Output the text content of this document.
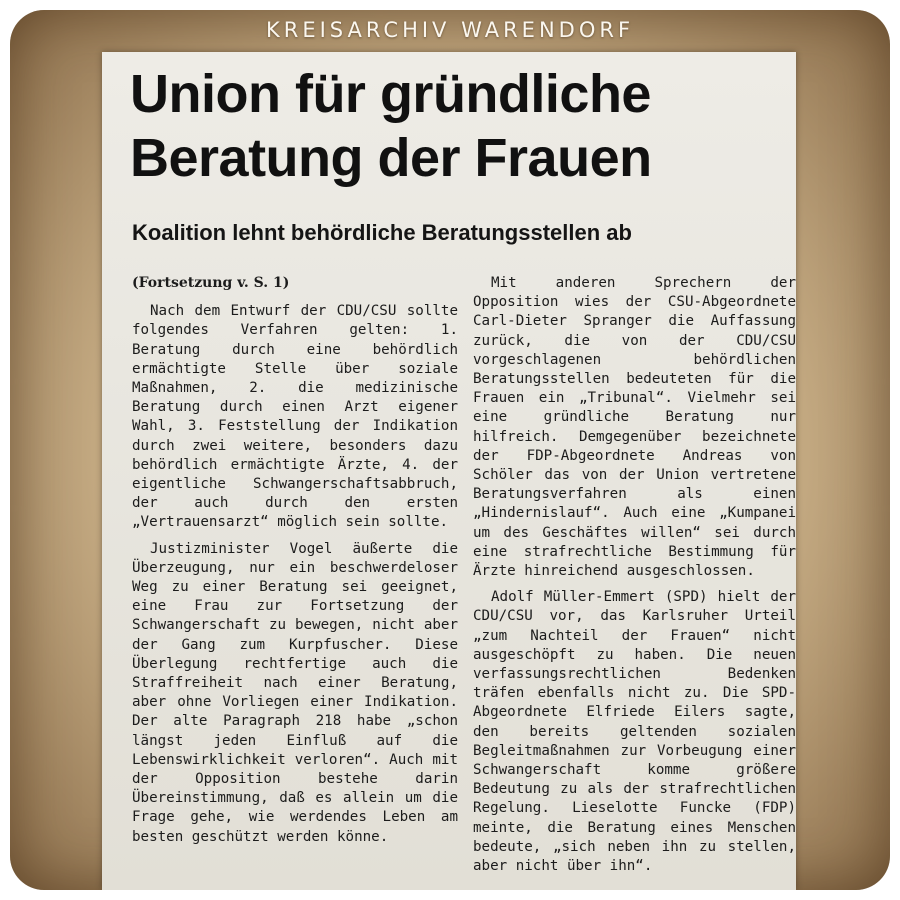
KREISARCHIV WARENDORF
Union für gründliche Beratung der Frauen
Koalition lehnt behördliche Beratungsstellen ab

(Fortsetzung v. S. 1)

Nach dem Entwurf der CDU/CSU sollte folgendes Verfahren gelten: 1. Beratung durch eine behördlich ermächtigte Stelle über soziale Maßnahmen, 2. die medizinische Beratung durch einen Arzt eigener Wahl, 3. Feststellung der Indikation durch zwei weitere, besonders dazu behördlich ermächtigte Ärzte, 4. der eigentliche Schwangerschaftsabbruch, der auch durch den ersten „Vertrauensarzt“ möglich sein sollte.

Justizminister Vogel äußerte die Überzeugung, nur ein beschwerdeloser Weg zu einer Beratung sei geeignet, eine Frau zur Fortsetzung der Schwangerschaft zu bewegen, nicht aber der Gang zum Kurpfuscher. Diese Überlegung rechtfertige auch die Straffreiheit nach einer Beratung, aber ohne Vorliegen einer Indikation. Der alte Paragraph 218 habe „schon längst jeden Einfluß auf die Lebenswirklichkeit verloren“. Auch mit der Opposition bestehe darin Übereinstimmung, daß es allein um die Frage gehe, wie werdendes Leben am besten geschützt werden könne.

Mit anderen Sprechern der Opposition wies der CSU-Abgeordnete Carl-Dieter Spranger die Auffassung zurück, die von der CDU/CSU vorgeschlagenen behördlichen Beratungsstellen bedeuteten für die Frauen ein „Tribunal“. Vielmehr sei eine gründliche Beratung nur hilfreich. Demgegenüber bezeichnete der FDP-Abgeordnete Andreas von Schöler das von der Union vertretene Beratungsverfahren als einen „Hindernislauf“. Auch eine „Kumpanei um des Geschäftes willen“ sei durch eine strafrechtliche Bestimmung für Ärzte hinreichend ausgeschlossen.

Adolf Müller-Emmert (SPD) hielt der CDU/CSU vor, das Karlsruher Urteil „zum Nachteil der Frauen“ nicht ausgeschöpft zu haben. Die neuen verfassungsrechtlichen Bedenken träfen ebenfalls nicht zu. Die SPD-Abgeordnete Elfriede Eilers sagte, den bereits geltenden sozialen Begleitmaßnahmen zur Vorbeugung einer Schwangerschaft komme größere Bedeutung zu als der strafrechtlichen Regelung. Lieselotte Funcke (FDP) meinte, die Beratung eines Menschen bedeute, „sich neben ihn zu stellen, aber nicht über ihn“.
